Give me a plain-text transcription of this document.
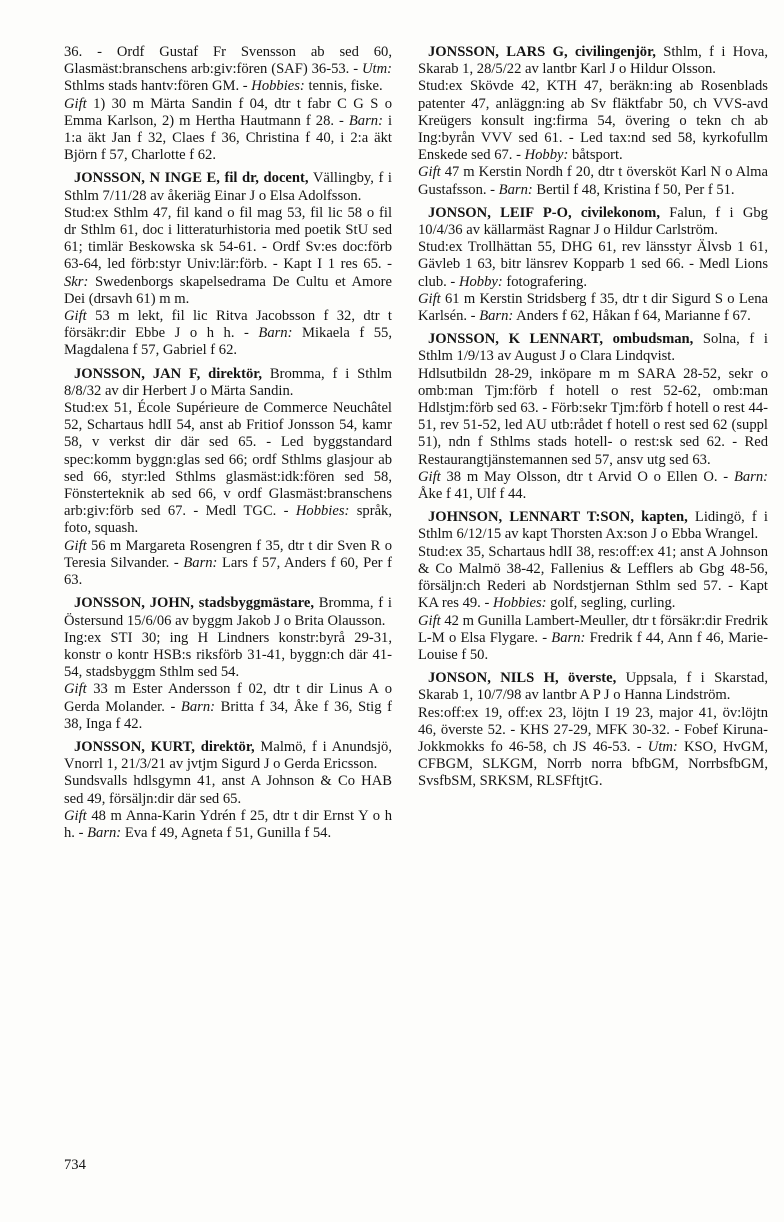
36. - Ordf Gustaf Fr Svensson ab sed 60, Glasmäst:branschens arb:giv:fören (SAF) 36-53. - Utm: Sthlms stads hantv:fören GM. - Hobbies: tennis, fiske.
Gift 1) 30 m Märta Sandin f 04, dtr t fabr C G S o Emma Karlson, 2) m Hertha Hautmann f 28. - Barn: i 1:a äkt Jan f 32, Claes f 36, Christina f 40, i 2:a äkt Björn f 57, Charlotte f 62.
JONSSON, N INGE E, fil dr, docent, Vällingby, f i Sthlm 7/11/28 av åkeriäg Einar J o Elsa Adolfsson.
Stud:ex Sthlm 47, fil kand o fil mag 53, fil lic 58 o fil dr Sthlm 61, doc i litteraturhistoria med poetik StU sed 61; timlär Beskowska sk 54-61. - Ordf Sv:es doc:förb 63-64, led förb:styr Univ:lär:förb. - Kapt I 1 res 65. - Skr: Swedenborgs skapelsedrama De Cultu et Amore Dei (drsavh 61) m m.
Gift 53 m lekt, fil lic Ritva Jacobsson f 32, dtr t försäkr:dir Ebbe J o h h. - Barn: Mikaela f 55, Magdalena f 57, Gabriel f 62.
JONSSON, JAN F, direktör, Bromma, f i Sthlm 8/8/32 av dir Herbert J o Märta Sandin.
Stud:ex 51, École Supérieure de Commerce Neuchâtel 52, Schartaus hdlI 54, anst ab Fritiof Jonsson 54, kamr 58, v verkst dir där sed 65. - Led byggstandard spec:komm byggn:glas sed 66; ordf Sthlms glasjour ab sed 66, styr:led Sthlms glasmäst:idk:fören sed 58, Fönsterteknik ab sed 66, v ordf Glasmäst:branschens arb:giv:förb sed 67. - Medl TGC. - Hobbies: språk, foto, squash.
Gift 56 m Margareta Rosengren f 35, dtr t dir Sven R o Teresia Silvander. - Barn: Lars f 57, Anders f 60, Per f 63.
JONSSON, JOHN, stadsbyggmästare, Bromma, f i Östersund 15/6/06 av byggm Jakob J o Brita Olausson.
Ing:ex STI 30; ing H Lindners konstr:byrå 29-31, konstr o kontr HSB:s riksförb 31-41, byggn:ch där 41-54, stadsbyggm Sthlm sed 54.
Gift 33 m Ester Andersson f 02, dtr t dir Linus A o Gerda Molander. - Barn: Britta f 34, Åke f 36, Stig f 38, Inga f 42.
JONSSON, KURT, direktör, Malmö, f i Anundsjö, Vnorrl 1, 21/3/21 av jvtjm Sigurd J o Gerda Ericsson.
Sundsvalls hdlsgymn 41, anst A Johnson & Co HAB sed 49, försäljn:dir där sed 65.
Gift 48 m Anna-Karin Ydrén f 25, dtr t dir Ernst Y o h h. - Barn: Eva f 49, Agneta f 51, Gunilla f 54.
JONSSON, LARS G, civilingenjör, Sthlm, f i Hova, Skarab 1, 28/5/22 av lantbr Karl J o Hildur Olsson.
Stud:ex Skövde 42, KTH 47, beräkn:ing ab Rosenblads patenter 47, anläggn:ing ab Sv fläktfabr 50, ch VVS-avd Kreügers konsult ing:firma 54, övering o tekn ch ab Ing:byrån VVV sed 61. - Led tax:nd sed 58, kyrkofullm Enskede sed 67. - Hobby: båtsport.
Gift 47 m Kerstin Nordh f 20, dtr t översköt Karl N o Alma Gustafsson. - Barn: Bertil f 48, Kristina f 50, Per f 51.
JONSON, LEIF P-O, civilekonom, Falun, f i Gbg 10/4/36 av källarmäst Ragnar J o Hildur Carlström.
Stud:ex Trollhättan 55, DHG 61, rev länsstyr Älvsb 1 61, Gävleb 1 63, bitr länsrev Kopparb 1 sed 66. - Medl Lions club. - Hobby: fotografering.
Gift 61 m Kerstin Stridsberg f 35, dtr t dir Sigurd S o Lena Karlsén. - Barn: Anders f 62, Håkan f 64, Marianne f 67.
JONSSON, K LENNART, ombudsman, Solna, f i Sthlm 1/9/13 av August J o Clara Lindqvist.
Hdlsutbildn 28-29, inköpare m m SARA 28-52, sekr o omb:man Tjm:förb f hotell o rest 52-62, omb:man Hdlstjm:förb sed 63. - Förb:sekr Tjm:förb f hotell o rest 44-51, rev 51-52, led AU utb:rådet f hotell o rest sed 62 (suppl 51), ndn f Sthlms stads hotell- o rest:sk sed 62. - Red Restaurangtjänstemannen sed 57, ansv utg sed 63.
Gift 38 m May Olsson, dtr t Arvid O o Ellen O. - Barn: Åke f 41, Ulf f 44.
JOHNSON, LENNART T:SON, kapten, Lidingö, f i Sthlm 6/12/15 av kapt Thorsten Ax:son J o Ebba Wrangel.
Stud:ex 35, Schartaus hdlI 38, res:off:ex 41; anst A Johnson & Co Malmö 38-42, Fallenius & Lefflers ab Gbg 48-56, försäljn:ch Rederi ab Nordstjernan Sthlm sed 57. - Kapt KA res 49. - Hobbies: golf, segling, curling.
Gift 42 m Gunilla Lambert-Meuller, dtr t försäkr:dir Fredrik L-M o Elsa Flygare. - Barn: Fredrik f 44, Ann f 46, Marie-Louise f 50.
JONSON, NILS H, överste, Uppsala, f i Skarstad, Skarab 1, 10/7/98 av lantbr A P J o Hanna Lindström.
Res:off:ex 19, off:ex 23, löjtn I 19 23, major 41, öv:löjtn 46, överste 52. - KHS 27-29, MFK 30-32. - Fobef Kiruna-Jokkmokks fo 46-58, ch JS 46-53. - Utm: KSO, HvGM, CFBGM, SLKGM, Norrb norra bfbGM, NorrbsfbGM, SvsfbSM, SRKSM, RLSFftjtG.
734
